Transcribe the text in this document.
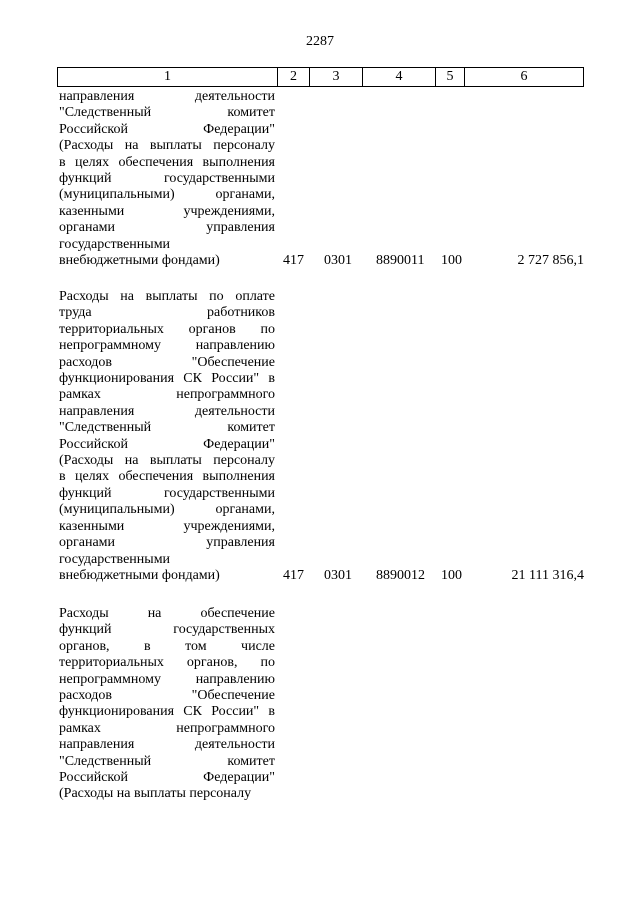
2287
1	2	3	4	5	6
направления деятельности
"Следственный комитет
Российской Федерации"
(Расходы на выплаты персоналу
в целях обеспечения выполнения
функций государственными
(муниципальными) органами,
казенными учреждениями,
органами управления
государственными
внебюджетными фондами)	417 0301 8890011 100	2 727 856,1
Расходы на выплаты по оплате
труда работников
территориальных органов по
непрограммному направлению
расходов "Обеспечение
функционирования СК России" в
рамках непрограммного
направления деятельности
"Следственный комитет
Российской Федерации"
(Расходы на выплаты персоналу
в целях обеспечения выполнения
функций государственными
(муниципальными) органами,
казенными учреждениями,
органами управления
государственными
внебюджетными фондами)	417 0301 8890012 100	21 111 316,4
Расходы на обеспечение
функций государственных
органов, в том числе
территориальных органов, по
непрограммному направлению
расходов "Обеспечение
функционирования СК России" в
рамках непрограммного
направления деятельности
"Следственный комитет
Российской Федерации"
(Расходы на выплаты персоналу
